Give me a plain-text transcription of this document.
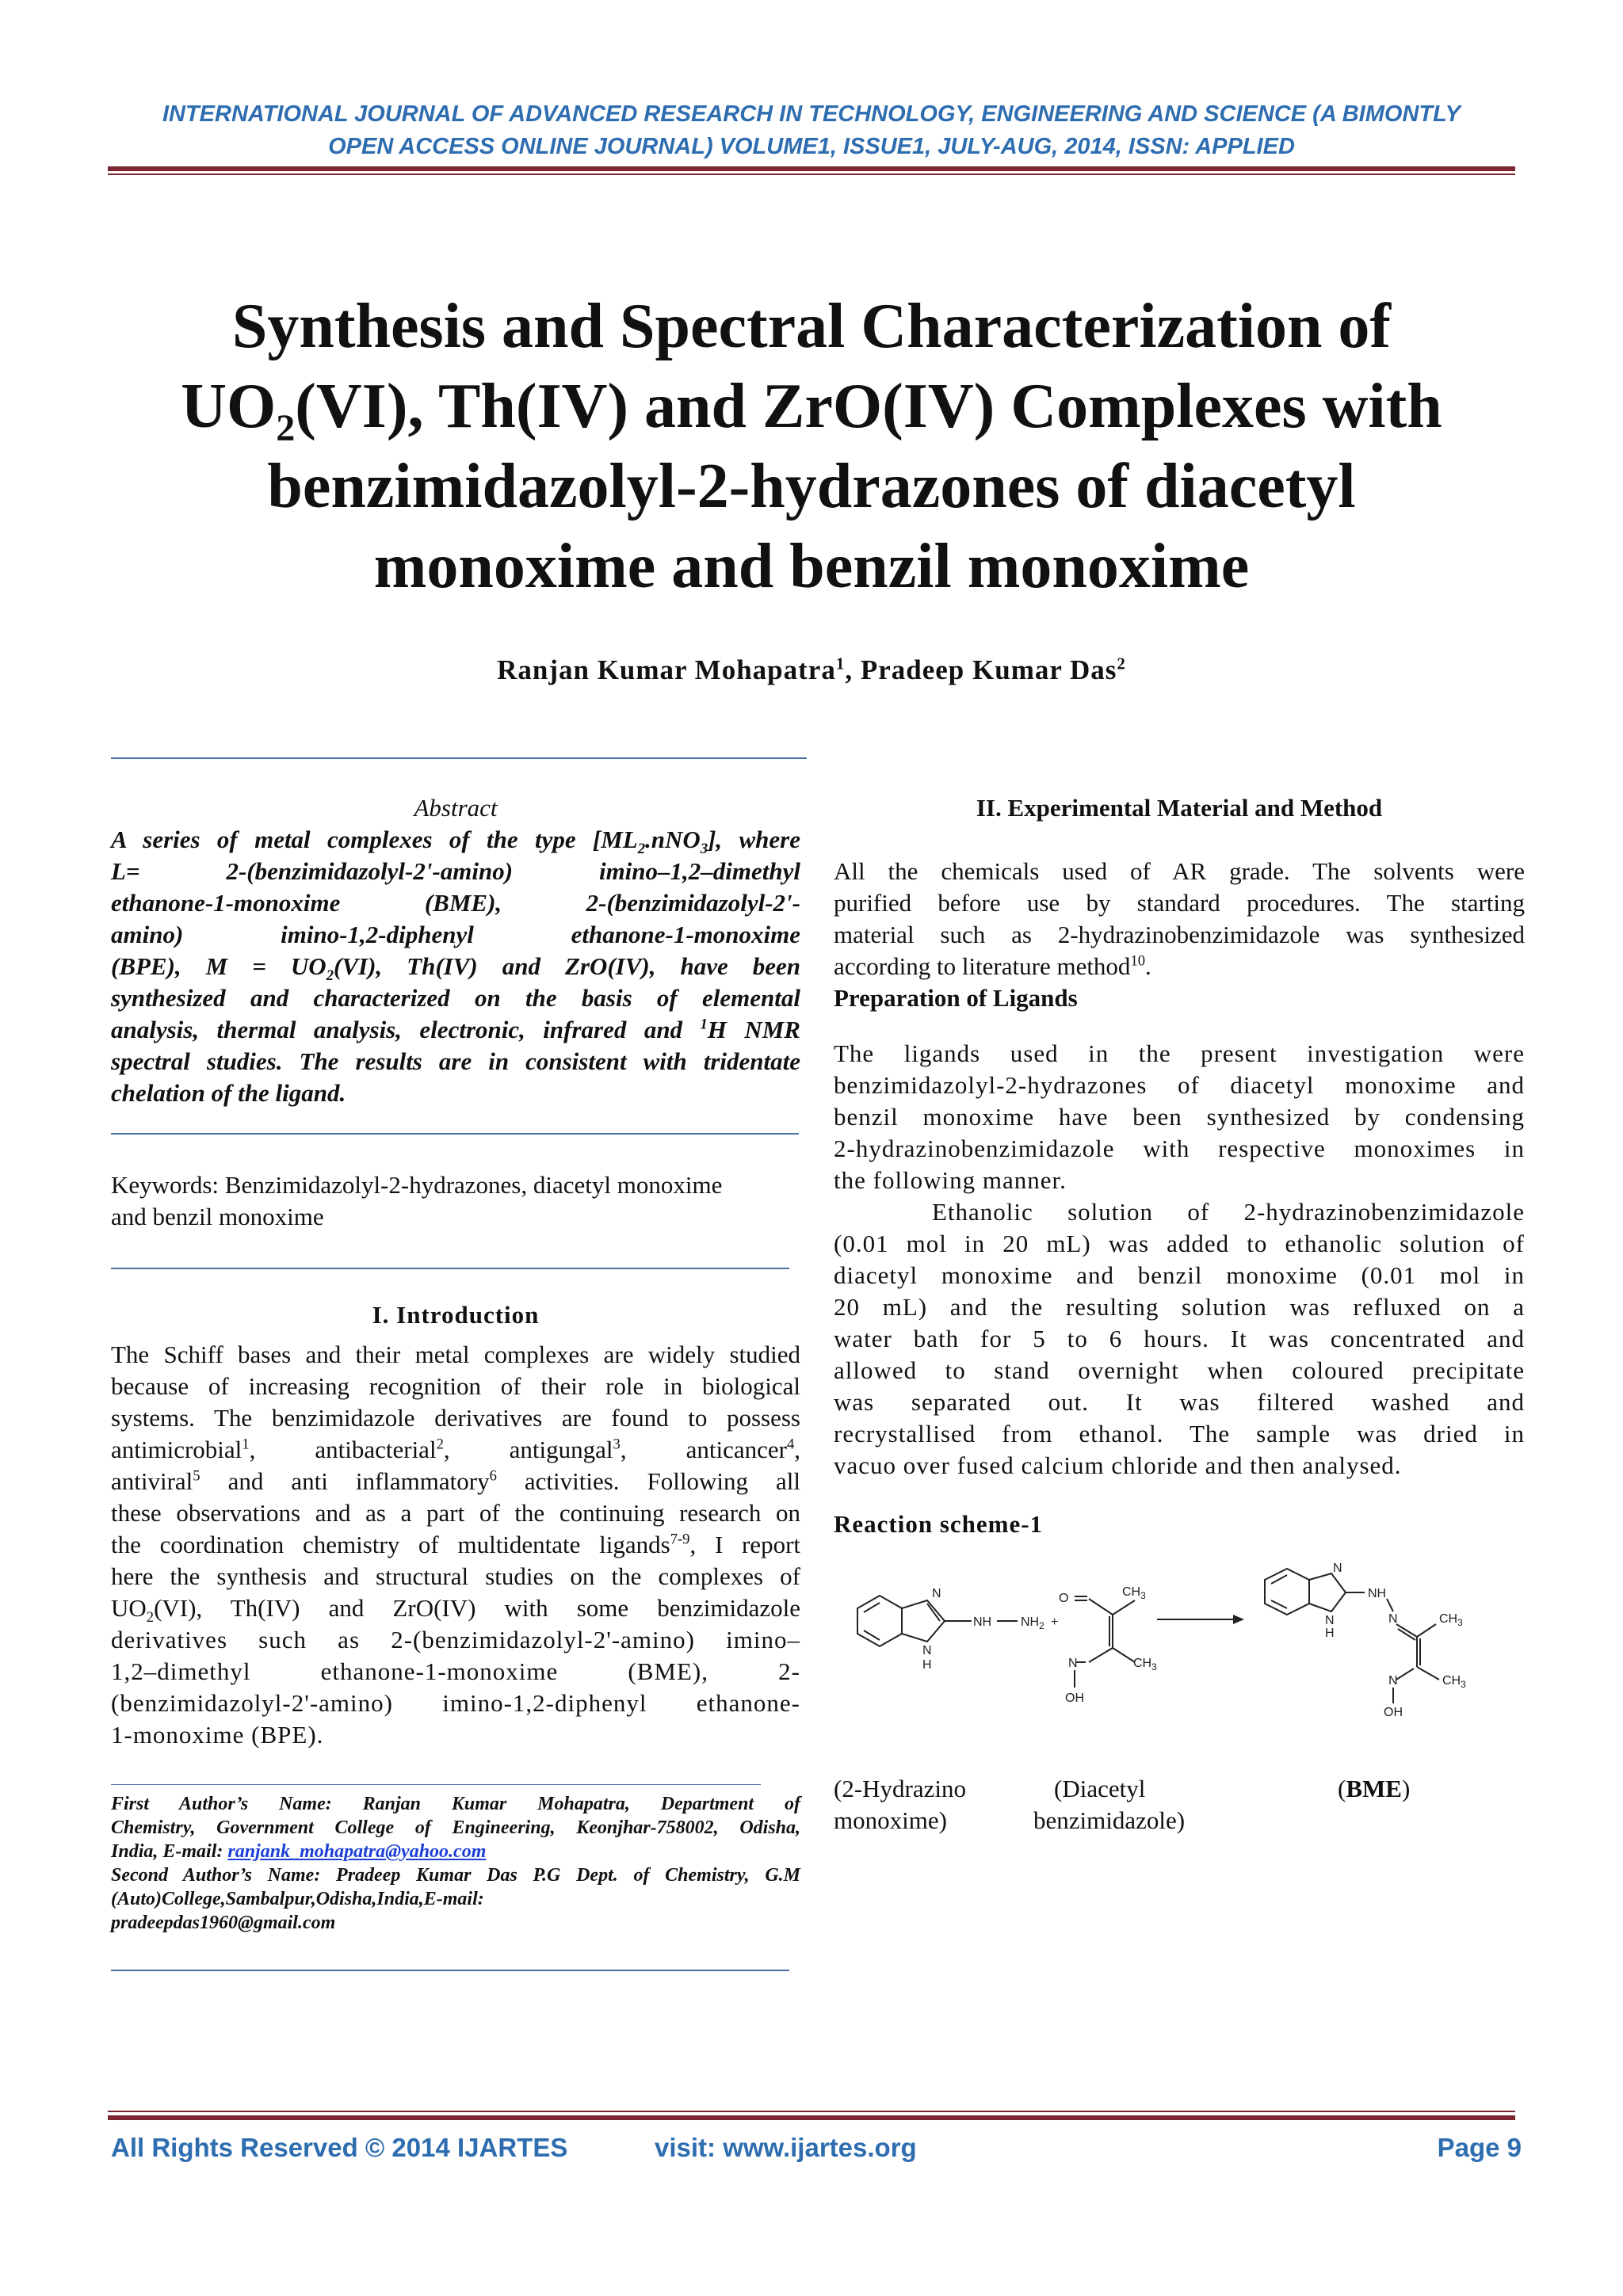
INTERNATIONAL JOURNAL OF ADVANCED RESEARCH IN TECHNOLOGY, ENGINEERING AND SCIENCE (A BIMONTLY
OPEN ACCESS ONLINE JOURNAL) VOLUME1, ISSUE1, JULY-AUG, 2014, ISSN: APPLIED
Synthesis and Spectral Characterization of
$UO_2(VI)$, Th(IV) and ZrO(IV) Complexes with
benzimidazolyl-2-hydrazones of diacetyl
monoxime and benzil monoxime
Ranjan Kumar Mohapatra$^1$, Pradeep Kumar Das$^2$
Abstract
A series of metal complexes of the type $[ML_2.nNO_3]$, where
L= 2-(benzimidazolyl-2'-amino) imino–1,2–dimethyl
ethanone-1-monoxime (BME), 2-(benzimidazolyl-2'-
amino) imino-1,2-diphenyl ethanone-1-monoxime
(BPE), $M = UO_2(VI)$, Th(IV) and ZrO(IV), have been
synthesized and characterized on the basis of elemental
analysis, thermal analysis, electronic, infrared and $^1$H NMR
spectral studies. The results are in consistent with tridentate
chelation of the ligand.
Keywords: Benzimidazolyl-2-hydrazones, diacetyl monoxime
and benzil monoxime
I. Introduction
The Schiff bases and their metal complexes are widely studied
because of increasing recognition of their role in biological
systems. The benzimidazole derivatives are found to possess
antimicrobial$^1$, antibacterial$^2$, antigungal$^3$, anticancer$^4$,
antiviral$^5$ and anti inflammatory$^6$ activities. Following all
these observations and as a part of the continuing research on
the coordination chemistry of multidentate ligands$^{7-9}$, I report
here the synthesis and structural studies on the complexes of
$UO_2(VI)$, Th(IV) and ZrO(IV) with some benzimidazole
derivatives such as 2-(benzimidazolyl-2'-amino) imino–
1,2–dimethyl ethanone-1-monoxime (BME), 2-
(benzimidazolyl-2'-amino) imino-1,2-diphenyl ethanone-
1-monoxime (BPE).
First Author’s Name: Ranjan Kumar Mohapatra, Department of
Chemistry, Government College of Engineering, Keonjhar-758002, Odisha,
India, E-mail: ranjank_mohapatra@yahoo.com
Second Author’s Name: Pradeep Kumar Das P.G Dept. of Chemistry, G.M
(Auto)College,Sambalpur,Odisha,India,E-mail:
pradeepdas1960@gmail.com
II. Experimental Material and Method
All the chemicals used of AR grade. The solvents were
purified before use by standard procedures. The starting
material such as 2-hydrazinobenzimidazole was synthesized
according to literature method$^{10}$.
Preparation of Ligands
The ligands used in the present investigation were
benzimidazolyl-2-hydrazones of diacetyl monoxime and
benzil monoxime have been synthesized by condensing
2-hydrazinobenzimidazole with respective monoximes in
the following manner.
Ethanolic solution of 2-hydrazinobenzimidazole
(0.01 mol in 20 mL) was added to ethanolic solution of
diacetyl monoxime and benzil monoxime (0.01 mol in
20 mL) and the resulting solution was refluxed on a
water bath for 5 to 6 hours. It was concentrated and
allowed to stand overnight when coloured precipitate
was separated out. It was filtered washed and
recrystallised from ethanol. The sample was dried in
vacuo over fused calcium chloride and then analysed.
Reaction scheme-1
N
N
H
NH $NH_2$ +
O	$CH_3$
N	$CH_3$
OH
N
N
H
NH
N	$CH_3$
N	$CH_3$
OH
(2-Hydrazino
monoxime)
(Diacetyl
benzimidazole)
(BME)
All Rights Reserved © 2014 IJARTES	visit: www.ijartes.org	Page 9
